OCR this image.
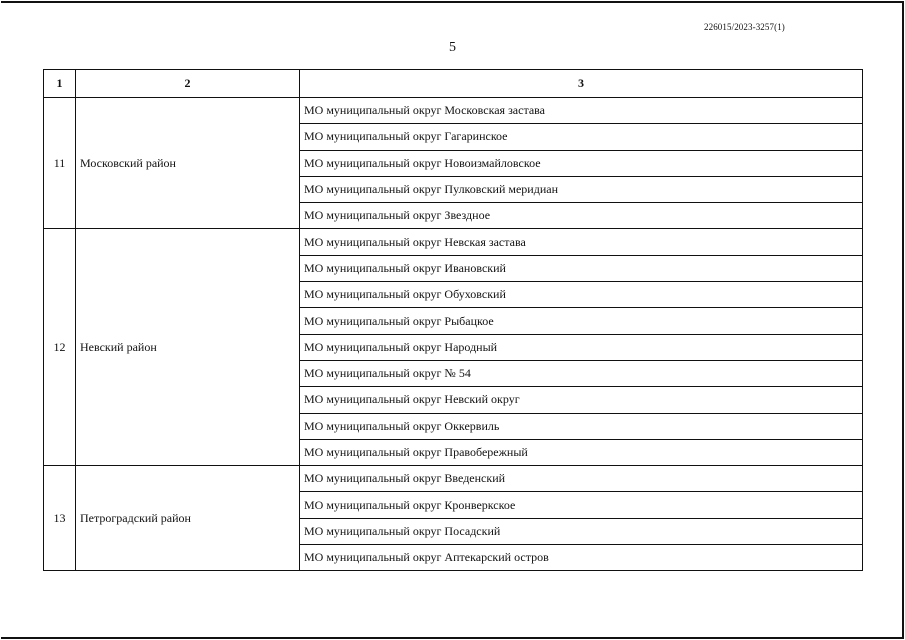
226015/2023-3257(1)
5
1	2	3
11	Московский район	МО муниципальный округ Московская застава
		МО муниципальный округ Гагаринское
		МО муниципальный округ Новоизмайловское
		МО муниципальный округ Пулковский меридиан
		МО муниципальный округ Звездное
12	Невский район	МО муниципальный округ Невская застава
		МО муниципальный округ Ивановский
		МО муниципальный округ Обуховский
		МО муниципальный округ Рыбацкое
		МО муниципальный округ Народный
		МО муниципальный округ № 54
		МО муниципальный округ Невский округ
		МО муниципальный округ Оккервиль
		МО муниципальный округ Правобережный
13	Петроградский район	МО муниципальный округ Введенский
		МО муниципальный округ Кронверкское
		МО муниципальный округ Посадский
		МО муниципальный округ Аптекарский остров
